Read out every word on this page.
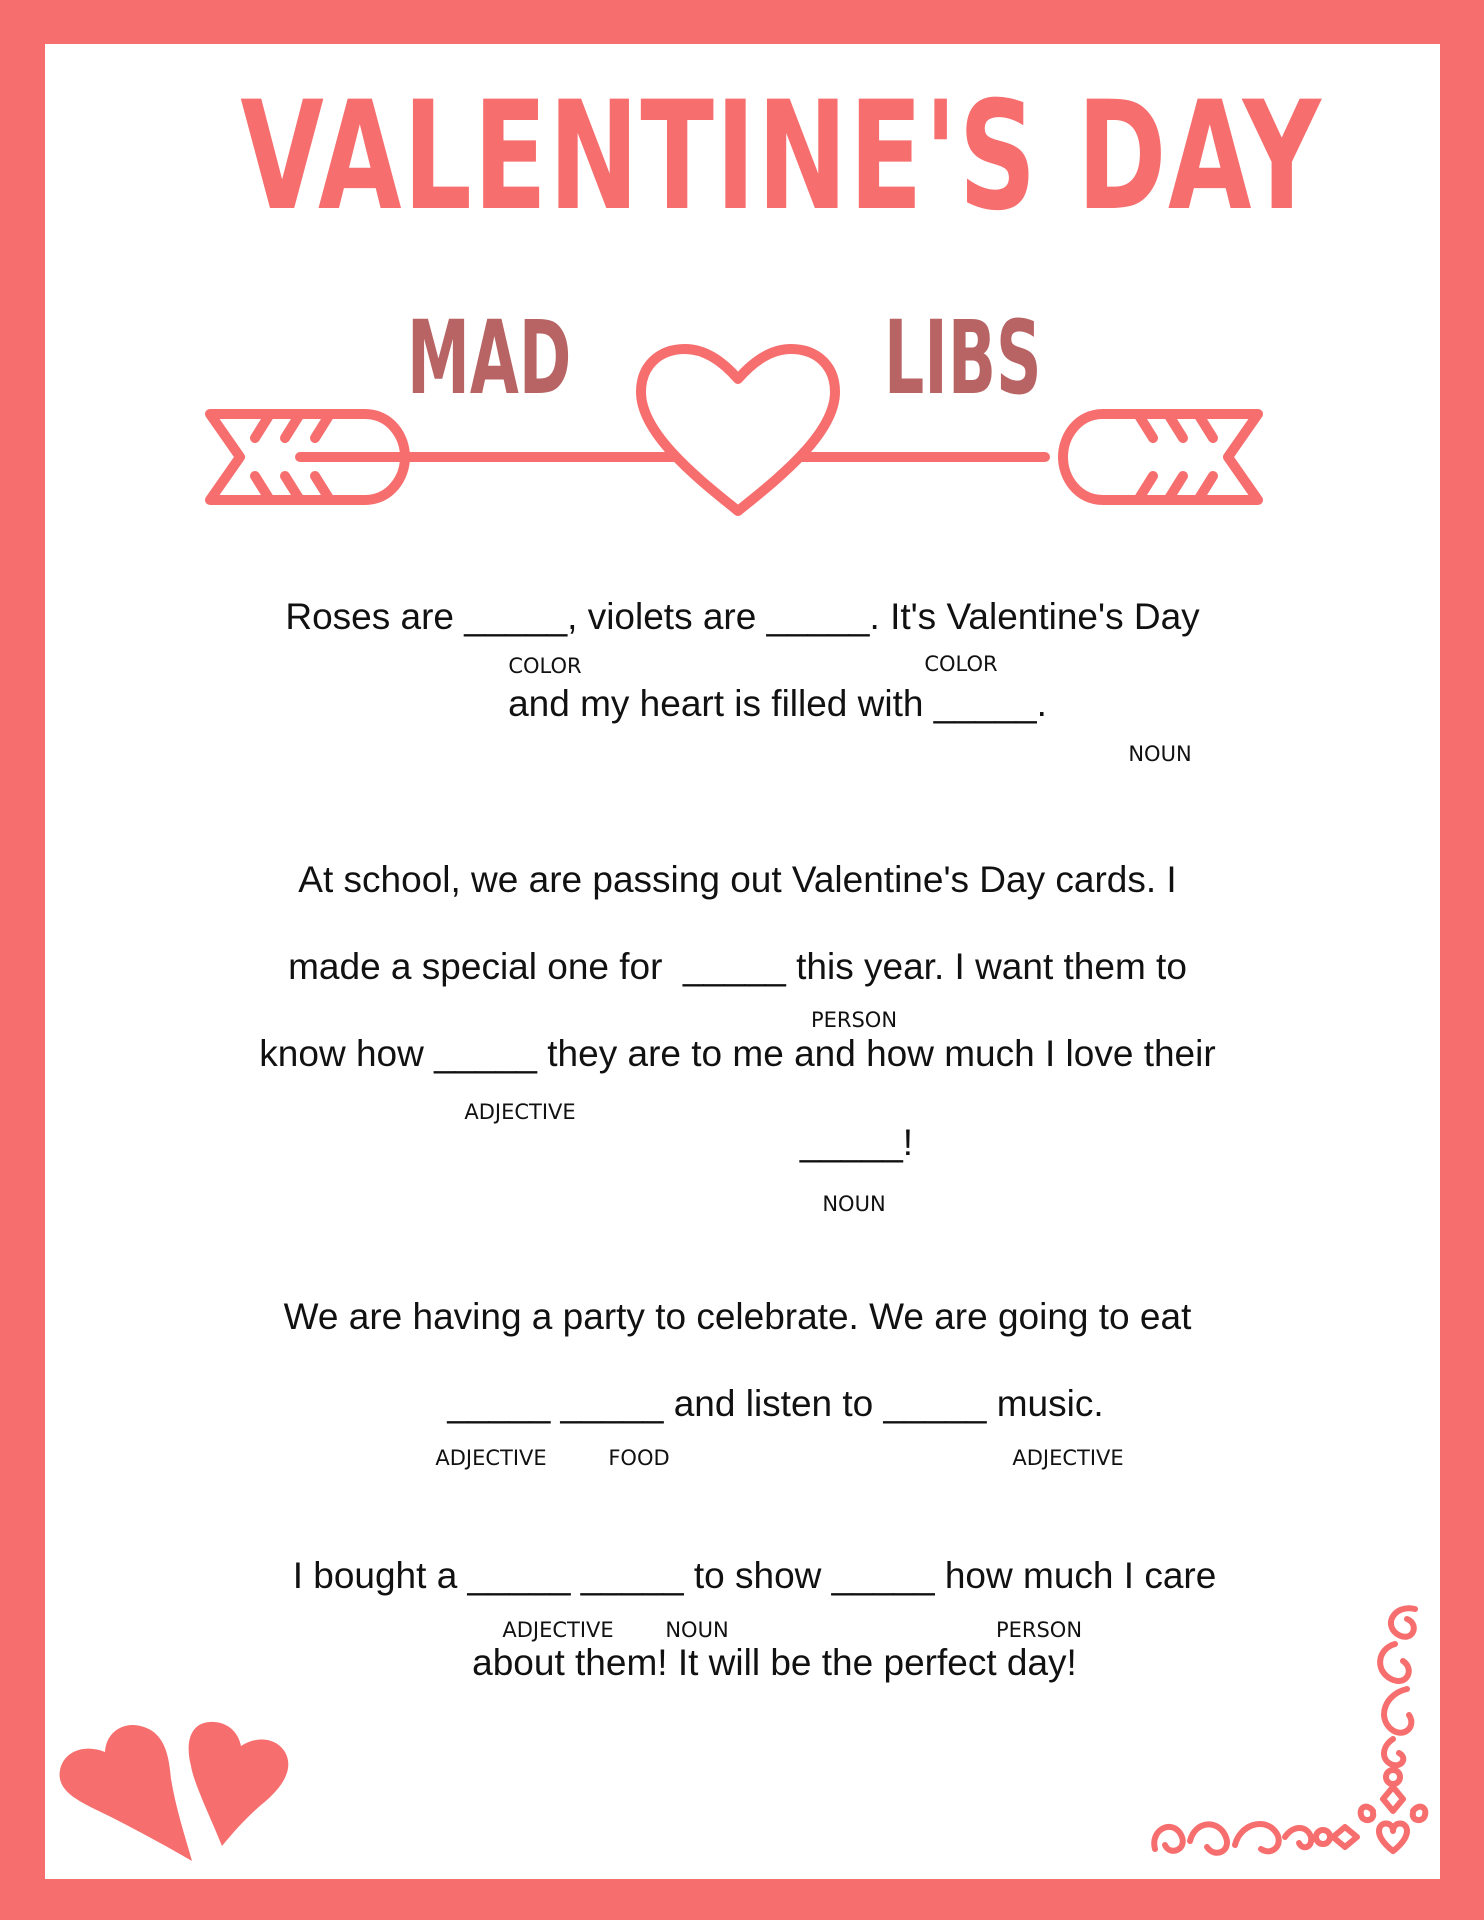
VALENTINE'S DAY
MAD	LIBS
Roses are _____, violets are _____. It's Valentine's Day
COLOR	COLOR
and my heart is filled with _____.
NOUN
At school, we are passing out Valentine's Day cards. I
made a special one for  _____ this year. I want them to
PERSON
know how _____ they are to me and how much I love their
ADJECTIVE
_____!
NOUN
We are having a party to celebrate. We are going to eat
_____ _____ and listen to _____ music.
ADJECTIVE	FOOD	ADJECTIVE
I bought a _____ _____ to show _____ how much I care
ADJECTIVE NOUN	PERSON
about them! It will be the perfect day!
